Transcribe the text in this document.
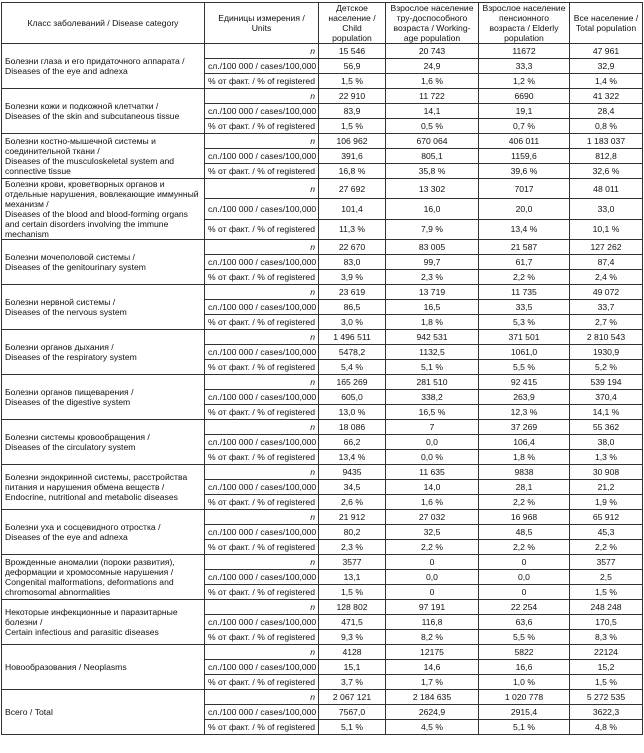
Класс заболеваний / Disease category	Единицы измерения / Units	Детское население / Child population	Взрослое население тру-доспособного возраста / Working-age population	Взрослое население пенсионного возраста / Elderly population	Все население / Total population

Болезни глаза и его придаточного аппарата /
Diseases of the eye and adnexa	n	15 546	20 743	11672	47 961
	сл./100 000 / cases/100,000	56,9	24,9	33,3	32,9
	% от факт. / % of registered	1,5 %	1,6 %	1,2 %	1,4 %

Болезни кожи и подкожной клетчатки /
Diseases of the skin and subcutaneous tissue	n	22 910	11 722	6690	41 322
	сл./100 000 / cases/100,000	83,9	14,1	19,1	28,4
	% от факт. / % of registered	1,5 %	0,5 %	0,7 %	0,8 %

Болезни костно-мышечной системы и соединительной ткани /
Diseases of the musculoskeletal system and connective tissue	n	106 962	670 064	406 011	1 183 037
	сл./100 000 / cases/100,000	391,6	805,1	1159,6	812,8
	% от факт. / % of registered	16,8 %	35,8 %	39,6 %	32,6 %

Болезни крови, кроветворных органов и отдельные нарушения, вовлекающие иммунный механизм /
Diseases of the blood and blood-forming organs and certain disorders involving the immune mechanism	n	27 692	13 302	7017	48 011
	сл./100 000 / cases/100,000	101,4	16,0	20,0	33,0
	% от факт. / % of registered	11,3 %	7,9 %	13,4 %	10,1 %

Болезни мочеполовой системы /
Diseases of the genitourinary system	n	22 670	83 005	21 587	127 262
	сл./100 000 / cases/100,000	83,0	99,7	61,7	87,4
	% от факт. / % of registered	3,9 %	2,3 %	2,2 %	2,4 %

Болезни нервной системы /
Diseases of the nervous system	n	23 619	13 719	11 735	49 072
	сл./100 000 / cases/100,000	86,5	16,5	33,5	33,7
	% от факт. / % of registered	3,0 %	1,8 %	5,3 %	2,7 %

Болезни органов дыхания /
Diseases of the respiratory system	n	1 496 511	942 531	371 501	2 810 543
	сл./100 000 / cases/100,000	5478,2	1132,5	1061,0	1930,9
	% от факт. / % of registered	5,4 %	5,1 %	5,5 %	5,2 %

Болезни органов пищеварения /
Diseases of the digestive system	n	165 269	281 510	92 415	539 194
	сл./100 000 / cases/100,000	605,0	338,2	263,9	370,4
	% от факт. / % of registered	13,0 %	16,5 %	12,3 %	14,1 %

Болезни системы кровообращения /
Diseases of the circulatory system	n	18 086	7	37 269	55 362
	сл./100 000 / cases/100,000	66,2	0,0	106,4	38,0
	% от факт. / % of registered	13,4 %	0,0 %	1,8 %	1,3 %

Болезни эндокринной системы, расстройства питания и нарушения обмена веществ /
Endocrine, nutritional and metabolic diseases	n	9435	11 635	9838	30 908
	сл./100 000 / cases/100,000	34,5	14,0	28,1	21,2
	% от факт. / % of registered	2,6 %	1,6 %	2,2 %	1,9 %

Болезни уха и сосцевидного отростка /
Diseases of the eye and adnexa	n	21 912	27 032	16 968	65 912
	сл./100 000 / cases/100,000	80,2	32,5	48,5	45,3
	% от факт. / % of registered	2,3 %	2,2 %	2,2 %	2,2 %

Врожденные аномалии (пороки развития), деформации и хромосомные нарушения /
Congenital malformations, deformations and chromosomal abnormalities	n	3577	0	0	3577
	сл./100 000 / cases/100,000	13,1	0,0	0,0	2,5
	% от факт. / % of registered	1,5 %	0	0	1,5 %

Некоторые инфекционные и паразитарные болезни /
Certain infectious and parasitic diseases	n	128 802	97 191	22 254	248 248
	сл./100 000 / cases/100,000	471,5	116,8	63,6	170,5
	% от факт. / % of registered	9,3 %	8,2 %	5,5 %	8,3 %

Новообразования / Neoplasms	n	4128	12175	5822	22124
	сл./100 000 / cases/100,000	15,1	14,6	16,6	15,2
	% от факт. / % of registered	3,7 %	1,7 %	1,0 %	1,5 %

Всего / Total	n	2 067 121	2 184 635	1 020 778	5 272 535
	сл./100 000 / cases/100,000	7567,0	2624,9	2915,4	3622,3
	% от факт. / % of registered	5,1 %	4,5 %	5,1 %	4,8 %
